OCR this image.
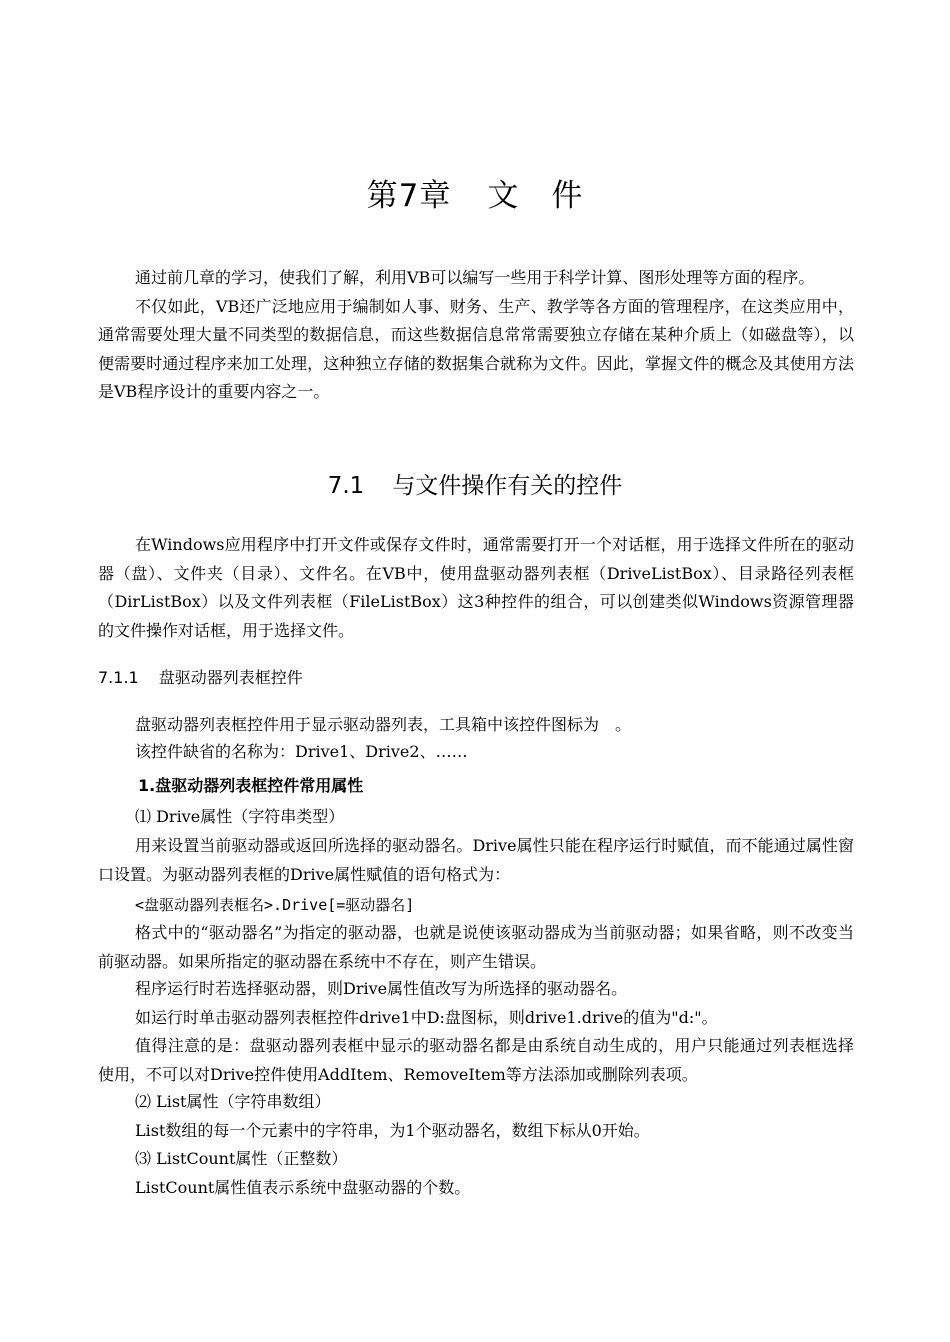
第7章 文　件

通过前几章的学习，使我们了解，利用VB可以编写一些用于科学计算、图形处理等方面的程序。

不仅如此，VB还广泛地应用于编制如人事、财务、生产、教学等各方面的管理程序，在这类应用中，通常需要处理大量不同类型的数据信息，而这些数据信息常常需要独立存储在某种介质上（如磁盘等），以便需要时通过程序来加工处理，这种独立存储的数据集合就称为文件。因此，掌握文件的概念及其使用方法是VB程序设计的重要内容之一。

7.1 与文件操作有关的控件

在Windows应用程序中打开文件或保存文件时，通常需要打开一个对话框，用于选择文件所在的驱动器（盘）、文件夹（目录）、文件名。在VB中，使用盘驱动器列表框（DriveListBox）、目录路径列表框（DirListBox）以及文件列表框（FileListBox）这3种控件的组合，可以创建类似Windows资源管理器的文件操作对话框，用于选择文件。

7.1.1 盘驱动器列表框控件
盘驱动器列表框控件用于显示驱动器列表，工具箱中该控件图标为　。
该控件缺省的名称为：Drive1、Drive2、……
1.盘驱动器列表框控件常用属性
⑴ Drive属性（字符串类型）

用来设置当前驱动器或返回所选择的驱动器名。Drive属性只能在程序运行时赋值，而不能通过属性窗口设置。为驱动器列表框的Drive属性赋值的语句格式为：

<盘驱动器列表框名>.Drive[=驱动器名]

格式中的“驱动器名”为指定的驱动器，也就是说使该驱动器成为当前驱动器；如果省略，则不改变当前驱动器。如果所指定的驱动器在系统中不存在，则产生错误。

程序运行时若选择驱动器，则Drive属性值改写为所选择的驱动器名。
如运行时单击驱动器列表框控件drive1中D:盘图标，则drive1.drive的值为"d:"。

值得注意的是：盘驱动器列表框中显示的驱动器名都是由系统自动生成的，用户只能通过列表框选择使用，不可以对Drive控件使用AddItem、RemoveItem等方法添加或删除列表项。

⑵ List属性（字符串数组）
List数组的每一个元素中的字符串，为1个驱动器名，数组下标从0开始。
⑶ ListCount属性（正整数）
ListCount属性值表示系统中盘驱动器的个数。
